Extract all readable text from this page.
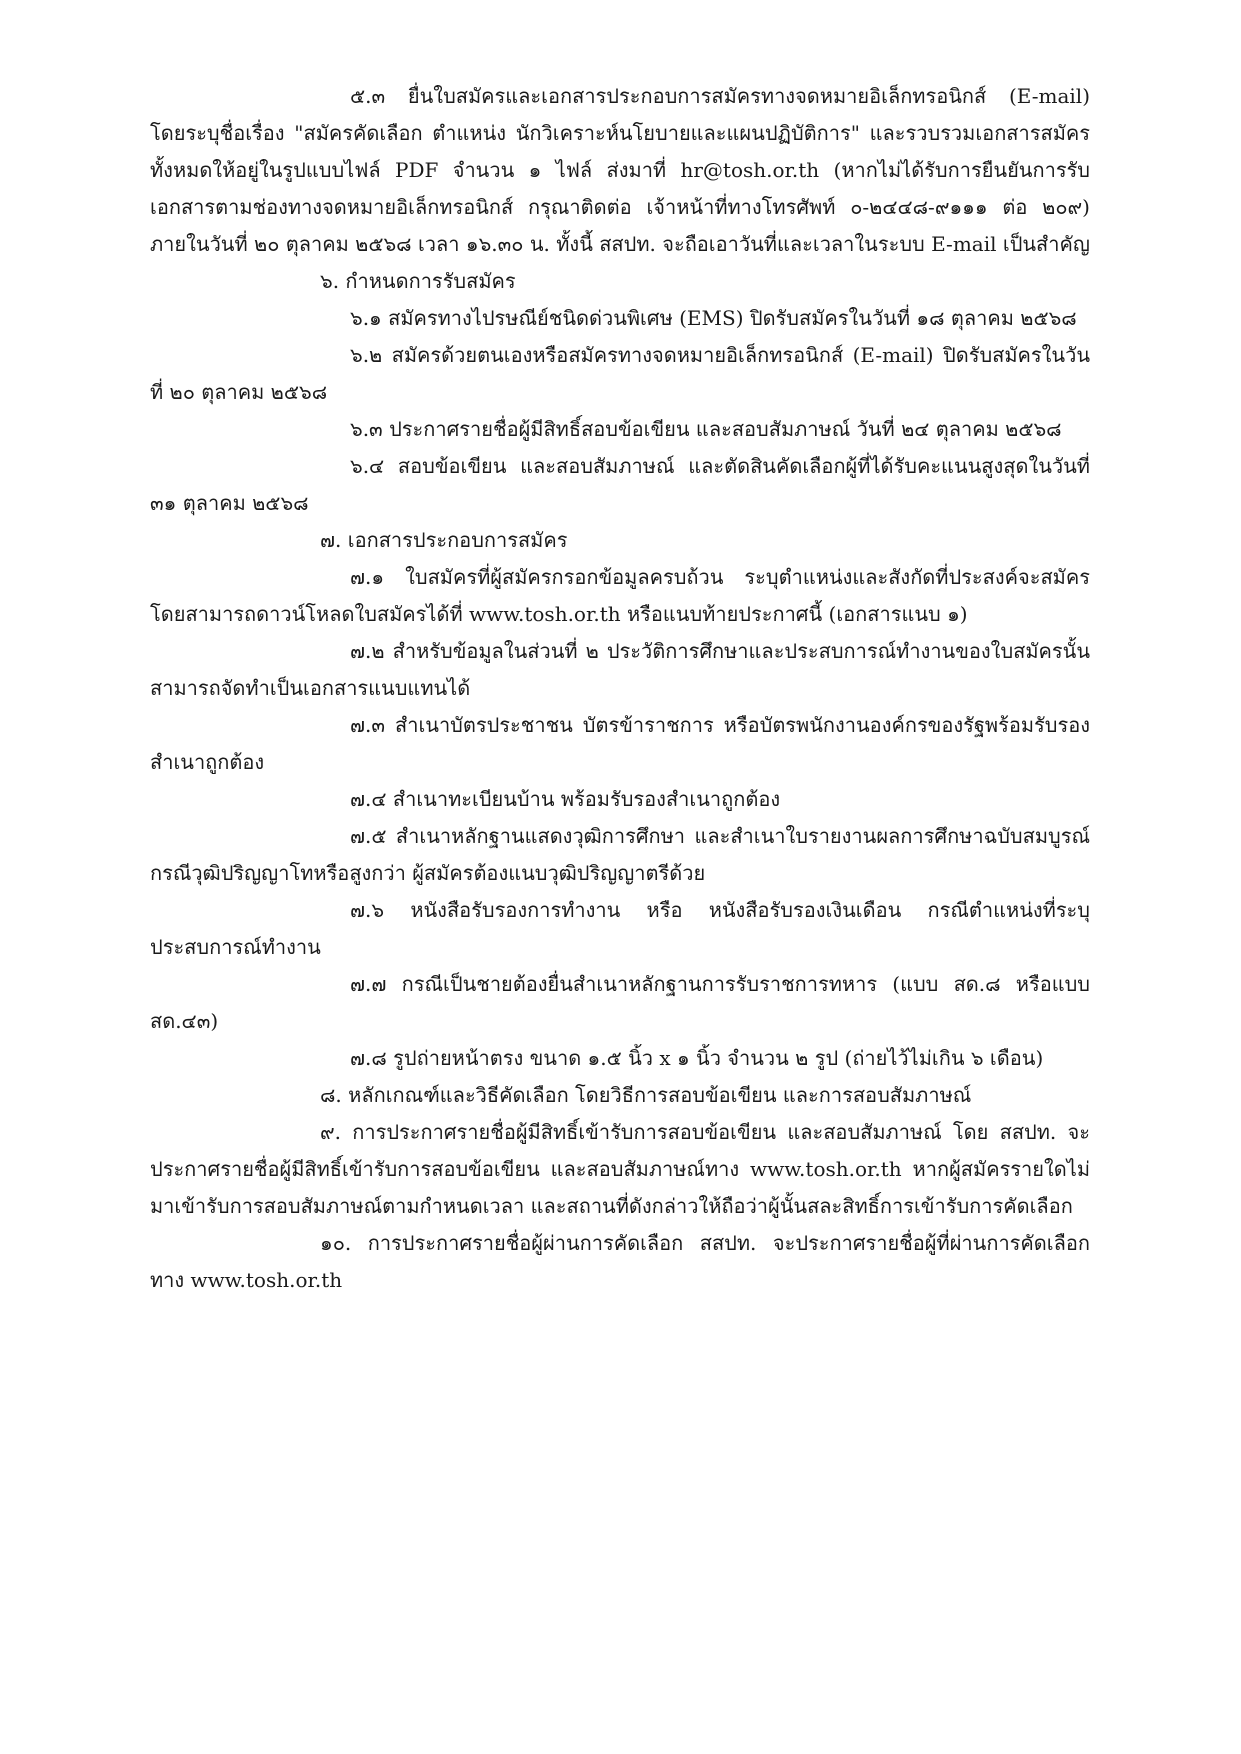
๕.๓ ยื่นใบสมัครและเอกสารประกอบการสมัครทางจดหมายอิเล็กทรอนิกส์ (E-mail) โดยระบุชื่อเรื่อง "สมัครคัดเลือก ตำแหน่ง นักวิเคราะห์นโยบายและแผนปฏิบัติการ" และรวบรวมเอกสารสมัครทั้งหมดให้อยู่ในรูปแบบไฟล์ PDF จำนวน ๑ ไฟล์ ส่งมาที่ hr@tosh.or.th (หากไม่ได้รับการยืนยันการรับเอกสารตามช่องทางจดหมายอิเล็กทรอนิกส์ กรุณาติดต่อ เจ้าหน้าที่ทางโทรศัพท์ ๐-๒๔๔๘-๙๑๑๑ ต่อ ๒๐๙) ภายในวันที่ ๒๐ ตุลาคม ๒๕๖๘ เวลา ๑๖.๓๐ น. ทั้งนี้ สสปท. จะถือเอาวันที่และเวลาในระบบ E-mail เป็นสำคัญ

๖. กำหนดการรับสมัคร

๖.๑ สมัครทางไปรษณีย์ชนิดด่วนพิเศษ (EMS) ปิดรับสมัครในวันที่ ๑๘ ตุลาคม ๒๕๖๘

๖.๒ สมัครด้วยตนเองหรือสมัครทางจดหมายอิเล็กทรอนิกส์ (E-mail) ปิดรับสมัครในวันที่ ๒๐ ตุลาคม ๒๕๖๘

๖.๓ ประกาศรายชื่อผู้มีสิทธิ์สอบข้อเขียน และสอบสัมภาษณ์ วันที่ ๒๔ ตุลาคม ๒๕๖๘

๖.๔ สอบข้อเขียน และสอบสัมภาษณ์ และตัดสินคัดเลือกผู้ที่ได้รับคะแนนสูงสุดในวันที่ ๓๑ ตุลาคม ๒๕๖๘

๗. เอกสารประกอบการสมัคร

๗.๑ ใบสมัครที่ผู้สมัครกรอกข้อมูลครบถ้วน ระบุตำแหน่งและสังกัดที่ประสงค์จะสมัคร โดยสามารถดาวน์โหลดใบสมัครได้ที่ www.tosh.or.th หรือแนบท้ายประกาศนี้ (เอกสารแนบ ๑)

๗.๒ สำหรับข้อมูลในส่วนที่ ๒ ประวัติการศึกษาและประสบการณ์ทำงานของใบสมัครนั้นสามารถจัดทำเป็นเอกสารแนบแทนได้

๗.๓ สำเนาบัตรประชาชน บัตรข้าราชการ หรือบัตรพนักงานองค์กรของรัฐพร้อมรับรองสำเนาถูกต้อง

๗.๔ สำเนาทะเบียนบ้าน พร้อมรับรองสำเนาถูกต้อง

๗.๕ สำเนาหลักฐานแสดงวุฒิการศึกษา และสำเนาใบรายงานผลการศึกษาฉบับสมบูรณ์กรณีวุฒิปริญญาโทหรือสูงกว่า ผู้สมัครต้องแนบวุฒิปริญญาตรีด้วย

๗.๖ หนังสือรับรองการทำงาน หรือ หนังสือรับรองเงินเดือน กรณีตำแหน่งที่ระบุประสบการณ์ทำงาน

๗.๗ กรณีเป็นชายต้องยื่นสำเนาหลักฐานการรับราชการทหาร (แบบ สด.๘ หรือแบบ สด.๔๓)

๗.๘ รูปถ่ายหน้าตรง ขนาด ๑.๕ นิ้ว x ๑ นิ้ว จำนวน ๒ รูป (ถ่ายไว้ไม่เกิน ๖ เดือน)

๘. หลักเกณฑ์และวิธีคัดเลือก โดยวิธีการสอบข้อเขียน และการสอบสัมภาษณ์

๙. การประกาศรายชื่อผู้มีสิทธิ์เข้ารับการสอบข้อเขียน และสอบสัมภาษณ์ โดย สสปท. จะประกาศรายชื่อผู้มีสิทธิ์เข้ารับการสอบข้อเขียน และสอบสัมภาษณ์ทาง www.tosh.or.th หากผู้สมัครรายใดไม่มาเข้ารับการสอบสัมภาษณ์ตามกำหนดเวลา และสถานที่ดังกล่าวให้ถือว่าผู้นั้นสละสิทธิ์การเข้ารับการคัดเลือก

๑๐. การประกาศรายชื่อผู้ผ่านการคัดเลือก สสปท. จะประกาศรายชื่อผู้ที่ผ่านการคัดเลือก ทาง www.tosh.or.th
